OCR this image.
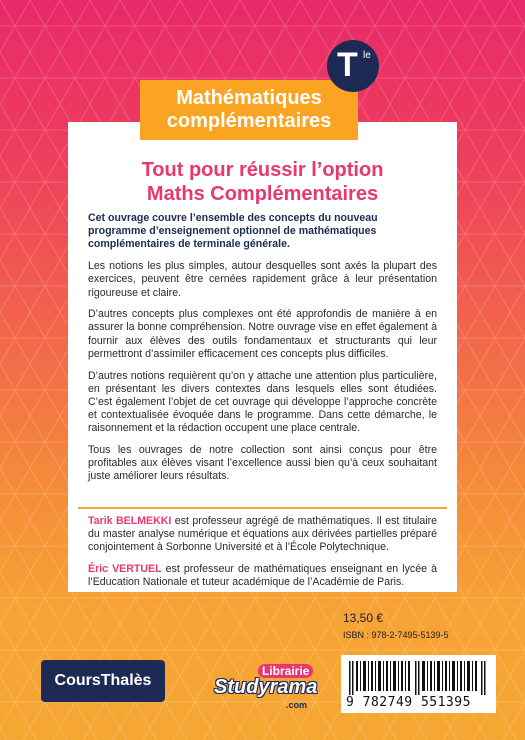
T le
Mathématiques
complémentaires
Tout pour réussir l’option
Maths Complémentaires

Cet ouvrage couvre l’ensemble des concepts du nouveau programme d’enseignement optionnel de mathématiques complémentaires de terminale générale.

Les notions les plus simples, autour desquelles sont axés la plupart des exercices, peuvent être cernées rapidement grâce à leur présentation rigoureuse et claire.

D’autres concepts plus complexes ont été approfondis de manière à en assurer la bonne compréhension. Notre ouvrage vise en effet également à fournir aux élèves des outils fondamentaux et structurants qui leur permettront d’assimiler efficacement ces concepts plus difficiles.

D’autres notions requièrent qu’on y attache une attention plus particulière, en présentant les divers contextes dans lesquels elles sont étudiées. C’est également l’objet de cet ouvrage qui développe l’approche concrète et contextualisée évoquée dans le programme. Dans cette démarche, le raisonnement et la rédaction occupent une place centrale.

Tous les ouvrages de notre collection sont ainsi conçus pour être profitables aux élèves visant l’excellence aussi bien qu’à ceux souhaitant juste améliorer leurs résultats.

Tarik BELMEKKI est professeur agrégé de mathématiques. Il est titulaire du master analyse numérique et équations aux dérivées partielles préparé conjointement à Sorbonne Université et à l’École Polytechnique.

Éric VERTUEL est professeur de mathématiques enseignant en lycée à l’Education Nationale et tuteur académique de l’Académie de Paris.

13,50 €
ISBN : 978-2-7495-5139-5
9 782749 551395
CoursThalès
Librairie
Studyrama
.com
